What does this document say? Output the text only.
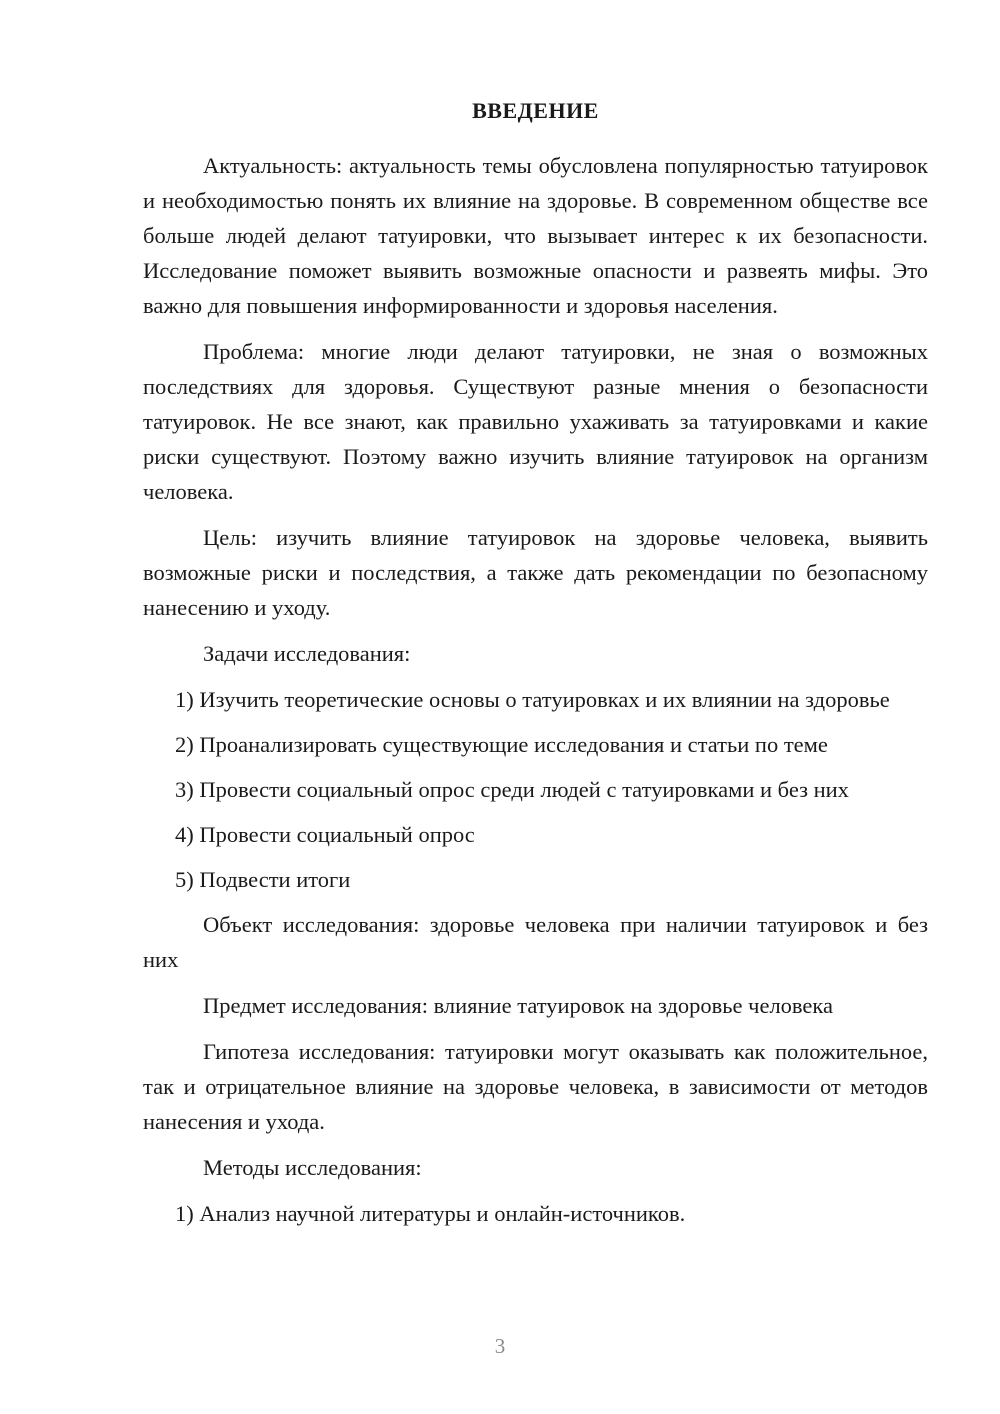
ВВЕДЕНИЕ

Актуальность: актуальность темы обусловлена популярностью татуировок и необходимостью понять их влияние на здоровье. В современном обществе все больше людей делают татуировки, что вызывает интерес к их безопасности. Исследование поможет выявить возможные опасности и развеять мифы. Это важно для повышения информированности и здоровья населения.

Проблема: многие люди делают татуировки, не зная о возможных последствиях для здоровья. Существуют разные мнения о безопасности татуировок. Не все знают, как правильно ухаживать за татуировками и какие риски существуют. Поэтому важно изучить влияние татуировок на организм человека.

Цель: изучить влияние татуировок на здоровье человека, выявить возможные риски и последствия, а также дать рекомендации по безопасному нанесению и уходу.

Задачи исследования:

1) Изучить теоретические основы о татуировках и их влиянии на здоровье

2) Проанализировать существующие исследования и статьи по теме

3) Провести социальный опрос среди людей с татуировками и без них

4) Провести социальный опрос

5) Подвести итоги

Объект исследования: здоровье человека при наличии татуировок и без них

Предмет исследования: влияние татуировок на здоровье человека

Гипотеза исследования: татуировки могут оказывать как положительное, так и отрицательное влияние на здоровье человека, в зависимости от методов нанесения и ухода.

Методы исследования:

1) Анализ научной литературы и онлайн-источников.

3
